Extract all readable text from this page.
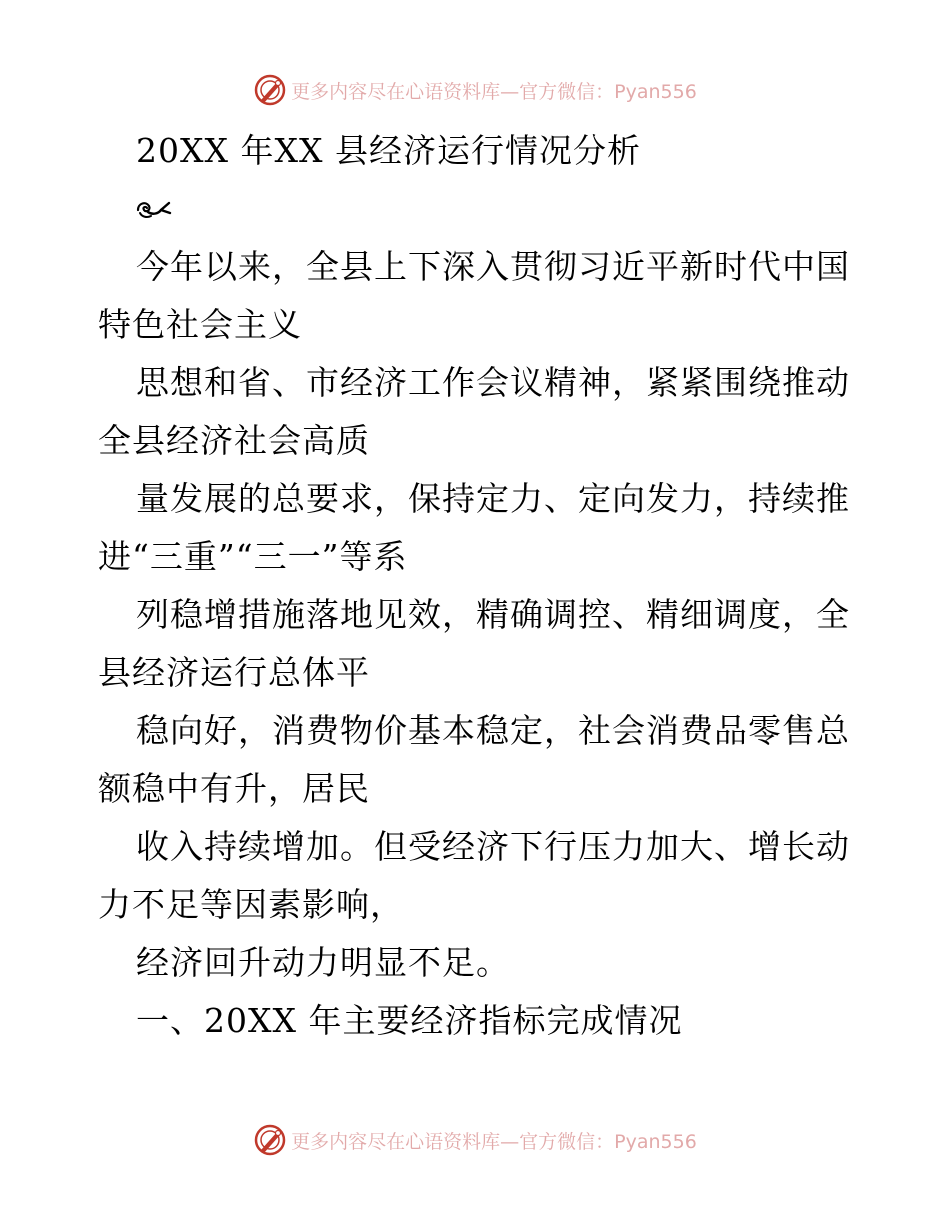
更多内容尽在心语资料库—官方微信：Pyan556
20XX 年XX 县经济运行情况分析
今年以来，全县上下深入贯彻习近平新时代中国
特色社会主义
思想和省、市经济工作会议精神，紧紧围绕推动
全县经济社会高质
量发展的总要求，保持定力、定向发力，持续推
进“三重”“三一”等系
列稳增措施落地见效，精确调控、精细调度，全
县经济运行总体平
稳向好，消费物价基本稳定，社会消费品零售总
额稳中有升，居民
收入持续增加。但受经济下行压力加大、增长动
力不足等因素影响，
经济回升动力明显不足。
一、20XX 年主要经济指标完成情况
更多内容尽在心语资料库—官方微信：Pyan556
